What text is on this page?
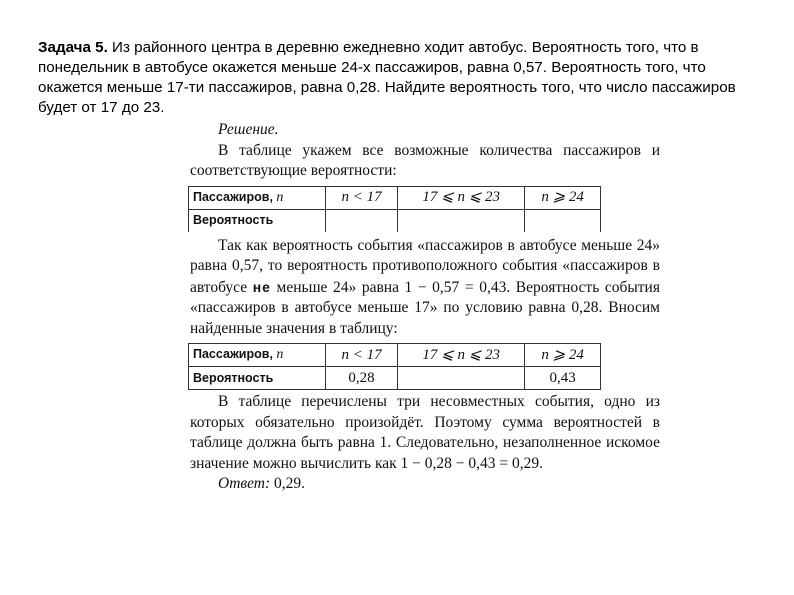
Задача 5. Из районного центра в деревню ежедневно ходит автобус. Вероятность того, что в понедельник в автобусе окажется меньше 24-х пассажиров, равна 0,57. Вероятность того, что окажется меньше 17-ти пассажиров, равна 0,28. Найдите вероятность того, что число пассажиров будет от 17 до 23.

Решение.

В таблице укажем все возможные количества пассажиров и соответствующие вероятности:

Пассажиров, n	n < 17	17 ⩽ n ⩽ 23	n ⩾ 24
Вероятность			

Так как вероятность события «пассажиров в автобусе меньше 24» равна 0,57, то вероятность противоположного события «пассажиров в автобусе не меньше 24» равна 1 − 0,57 = 0,43. Вероятность события «пассажиров в автобусе меньше 17» по условию равна 0,28. Вносим найденные значения в таблицу:

Пассажиров, n	n < 17	17 ⩽ n ⩽ 23	n ⩾ 24
Вероятность	0,28		0,43

В таблице перечислены три несовместных события, одно из которых обязательно произойдёт. Поэтому сумма вероятностей в таблице должна быть равна 1. Следовательно, незаполненное искомое значение можно вычислить как 1 − 0,28 − 0,43 = 0,29.

Ответ: 0,29.
